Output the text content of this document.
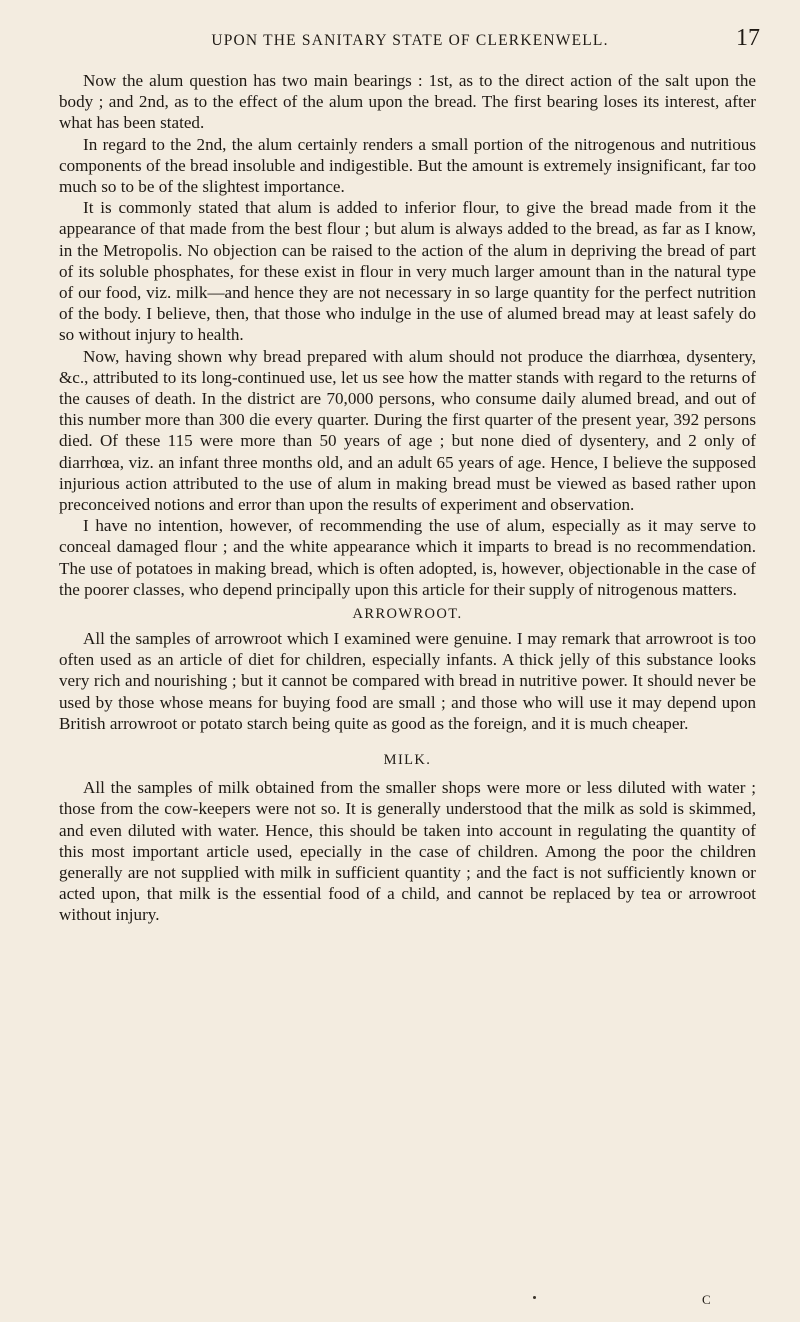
UPON THE SANITARY STATE OF CLERKENWELL.	17

Now the alum question has two main bearings : 1st, as to the direct action of the salt upon the body ; and 2nd, as to the effect of the alum upon the bread. The first bearing loses its interest, after what has been stated.

In regard to the 2nd, the alum certainly renders a small portion of the nitrogenous and nutritious components of the bread insoluble and indigestible. But the amount is extremely insignificant, far too much so to be of the slightest importance.

It is commonly stated that alum is added to inferior flour, to give the bread made from it the appearance of that made from the best flour ; but alum is always added to the bread, as far as I know, in the Metropolis. No objection can be raised to the action of the alum in depriving the bread of part of its soluble phosphates, for these exist in flour in very much larger amount than in the natural type of our food, viz. milk—and hence they are not necessary in so large quantity for the perfect nutrition of the body. I believe, then, that those who indulge in the use of alumed bread may at least safely do so without injury to health.

Now, having shown why bread prepared with alum should not produce the diarrhœa, dysentery, &c., attributed to its long-continued use, let us see how the matter stands with regard to the returns of the causes of death. In the district are 70,000 persons, who consume daily alumed bread, and out of this number more than 300 die every quarter. During the first quarter of the present year, 392 persons died. Of these 115 were more than 50 years of age ; but none died of dysentery, and 2 only of diarrhœa, viz. an infant three months old, and an adult 65 years of age. Hence, I believe the supposed injurious action attributed to the use of alum in making bread must be viewed as based rather upon preconceived notions and error than upon the results of experiment and observation.

I have no intention, however, of recommending the use of alum, especially as it may serve to conceal damaged flour ; and the white appearance which it imparts to bread is no recommendation. The use of potatoes in making bread, which is often adopted, is, however, objectionable in the case of the poorer classes, who depend principally upon this article for their supply of nitrogenous matters.

ARROWROOT.

All the samples of arrowroot which I examined were genuine. I may remark that arrowroot is too often used as an article of diet for children, especially infants. A thick jelly of this substance looks very rich and nourishing ; but it cannot be compared with bread in nutritive power. It should never be used by those whose means for buying food are small ; and those who will use it may depend upon British arrowroot or potato starch being quite as good as the foreign, and it is much cheaper.

MILK.

All the samples of milk obtained from the smaller shops were more or less diluted with water ; those from the cow-keepers were not so. It is generally understood that the milk as sold is skimmed, and even diluted with water. Hence, this should be taken into account in regulating the quantity of this most important article used, epecially in the case of children. Among the poor the children generally are not supplied with milk in sufficient quantity ; and the fact is not sufficiently known or acted upon, that milk is the essential food of a child, and cannot be replaced by tea or arrowroot without injury.

C
